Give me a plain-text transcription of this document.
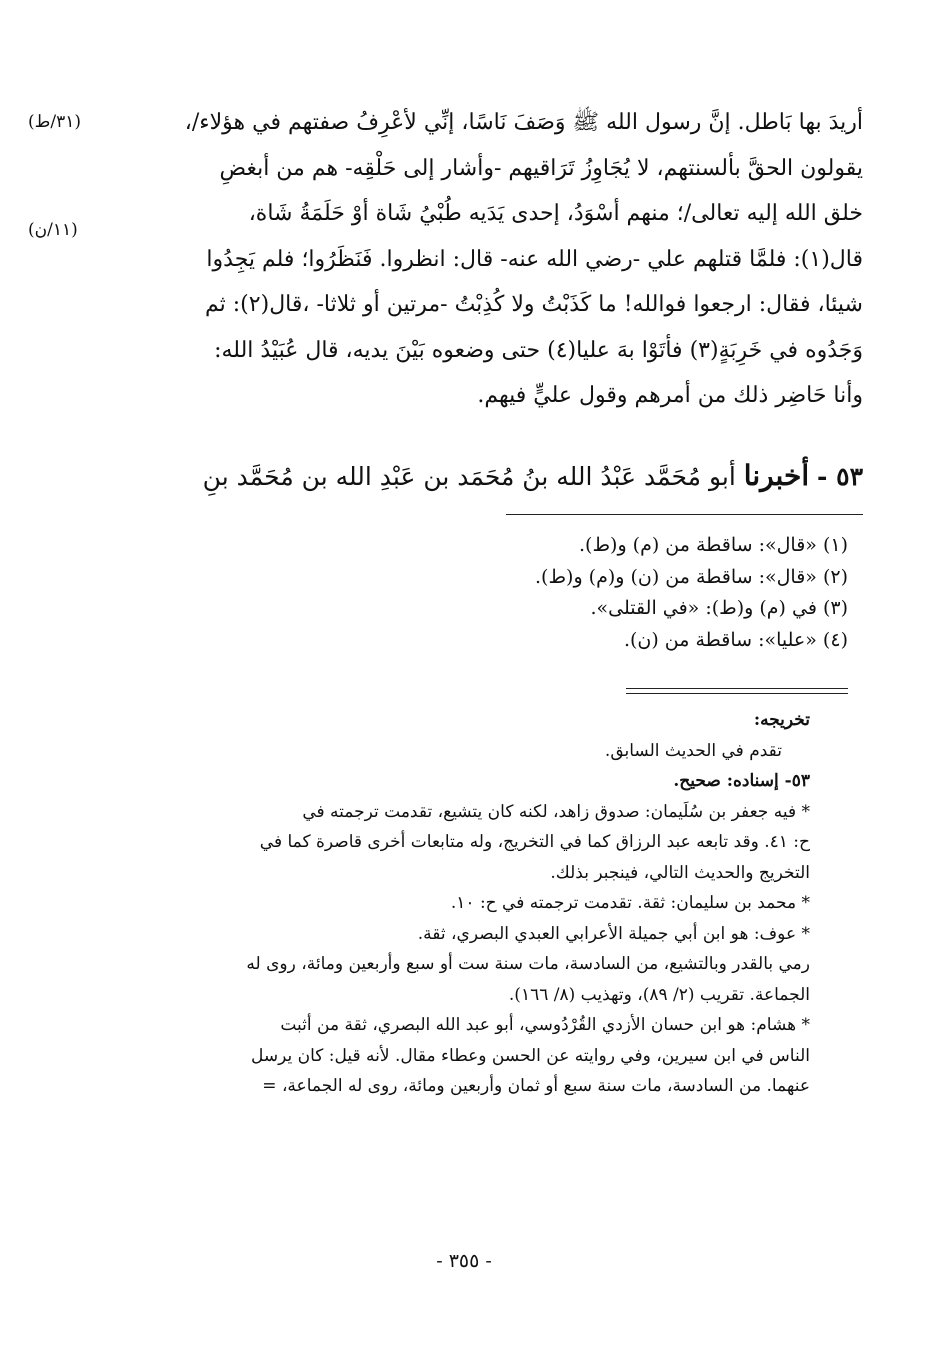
(٣١/ط)
(١١/ن)
أريدَ بها بَاطل. إنَّ رسول الله ﷺ وَصَفَ نَاسًا، إنِّي لأعْرِفُ صفتهم في هؤلاء/،
يقولون الحقَّ بألسنتهم، لا يُجَاوِزُ تَرَاقيهم -وأشار إلى حَلْقِه- هم من أبغضِ
خلق الله إليه تعالى/؛ منهم أسْوَدُ، إحدى يَدَيه طُبْيُ شَاة أوْ حَلَمَةُ شَاة،
قال(١): فلمَّا قتلهم علي -رضي الله عنه- قال: انظروا. فَنَظَرُوا؛ فلم يَجِدُوا
شيئا، فقال: ارجعوا فوالله! ما كَذَبْتُ ولا كُذِبْتُ -مرتين أو ثلاثا- ،قال(٢): ثم
وَجَدُوه في خَرِبَةٍ(٣) فأتَوْا بهَ عليا(٤) حتى وضعوه بَيْنَ يديه، قال عُبَيْدُ الله:
وأنا حَاضِر ذلك من أمرهم وقول عليٍّ فيهم.
٥٣ - أخبرنا أبو مُحَمَّد عَبْدُ الله بنُ مُحَمَد بن عَبْدِ الله بن مُحَمَّد بنِ
(١) «قال»: ساقطة من (م) و(ط).
(٢) «قال»: ساقطة من (ن) و(م) و(ط).
(٣) في (م) و(ط): «في القتلى».
(٤) «عليا»: ساقطة من (ن).
تخريجه:
تقدم في الحديث السابق.
٥٣- إسناده: صحيح.
* فيه جعفر بن سُلَيمان: صدوق زاهد، لكنه كان يتشيع، تقدمت ترجمته في
ح: ٤١. وقد تابعه عبد الرزاق كما في التخريج، وله متابعات أخرى قاصرة كما في
التخريج والحديث التالي، فينجبر بذلك.
* محمد بن سليمان: ثقة. تقدمت ترجمته في ح: ١٠.
* عوف: هو ابن أبي جميلة الأعرابي العبدي البصري، ثقة.
رمي بالقدر وبالتشيع، من السادسة، مات سنة ست أو سبع وأربعين ومائة، روى له
الجماعة. تقريب (٢/ ٨٩)، وتهذيب (٨/ ١٦٦).
* هشام: هو ابن حسان الأزدي القُرْدُوسي، أبو عبد الله البصري، ثقة من أثبت
الناس في ابن سيرين، وفي روايته عن الحسن وعطاء مقال. لأنه قيل: كان يرسل
عنهما. من السادسة، مات سنة سبع أو ثمان وأربعين ومائة، روى له الجماعة، =
- ٣٥٥ -
